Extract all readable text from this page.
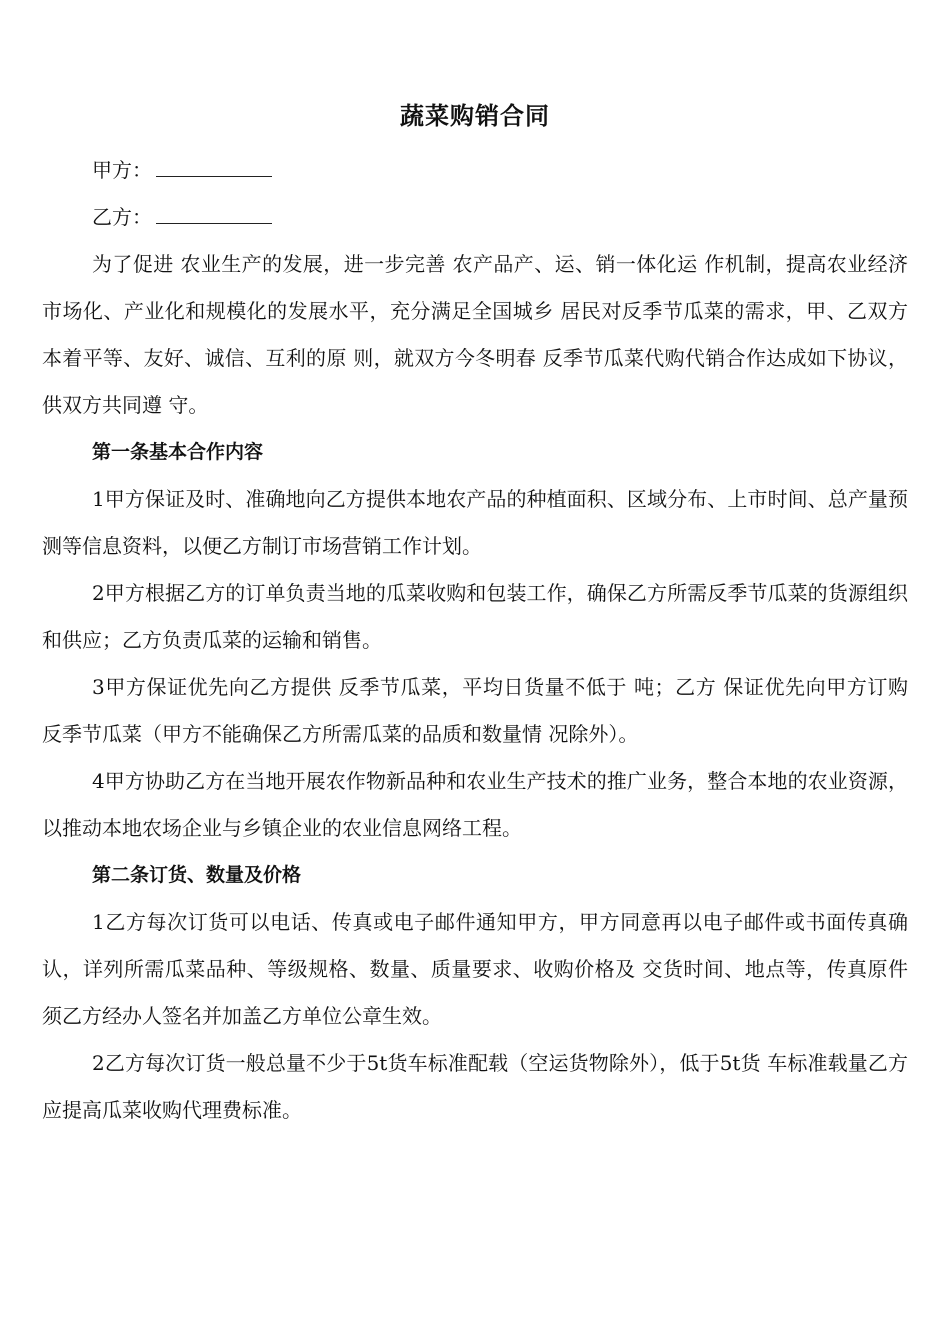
蔬菜购销合同

甲方：

乙方：

为了促进 农业生产的发展，进一步完善 农产品产、运、销一体化运 作机制，提高农业经济市场化、产业化和规模化的发展水平，充分满足全国城乡 居民对反季节瓜菜的需求，甲、乙双方本着平等、友好、诚信、互利的原 则，就双方今冬明春 反季节瓜菜代购代销合作达成如下协议，供双方共同遵 守。

第一条基本合作内容

1甲方保证及时、准确地向乙方提供本地农产品的种植面积、区域分布、上市时间、总产量预测等信息资料，以便乙方制订市场营销工作计划。

2甲方根据乙方的订单负责当地的瓜菜收购和包装工作，确保乙方所需反季节瓜菜的货源组织和供应；乙方负责瓜菜的运输和销售。

3甲方保证优先向乙方提供 反季节瓜菜，平均日货量不低于 吨；乙方 保证优先向甲方订购 反季节瓜菜（甲方不能确保乙方所需瓜菜的品质和数量情 况除外）。

4甲方协助乙方在当地开展农作物新品种和农业生产技术的推广业务，整合本地的农业资源，以推动本地农场企业与乡镇企业的农业信息网络工程。

第二条订货、数量及价格

1乙方每次订货可以电话、传真或电子邮件通知甲方，甲方同意再以电子邮件或书面传真确认，详列所需瓜菜品种、等级规格、数量、质量要求、收购价格及 交货时间、地点等，传真原件须乙方经办人签名并加盖乙方单位公章生效。

2乙方每次订货一般总量不少于5t货车标准配载（空运货物除外），低于5t货 车标准载量乙方应提高瓜菜收购代理费标准。
